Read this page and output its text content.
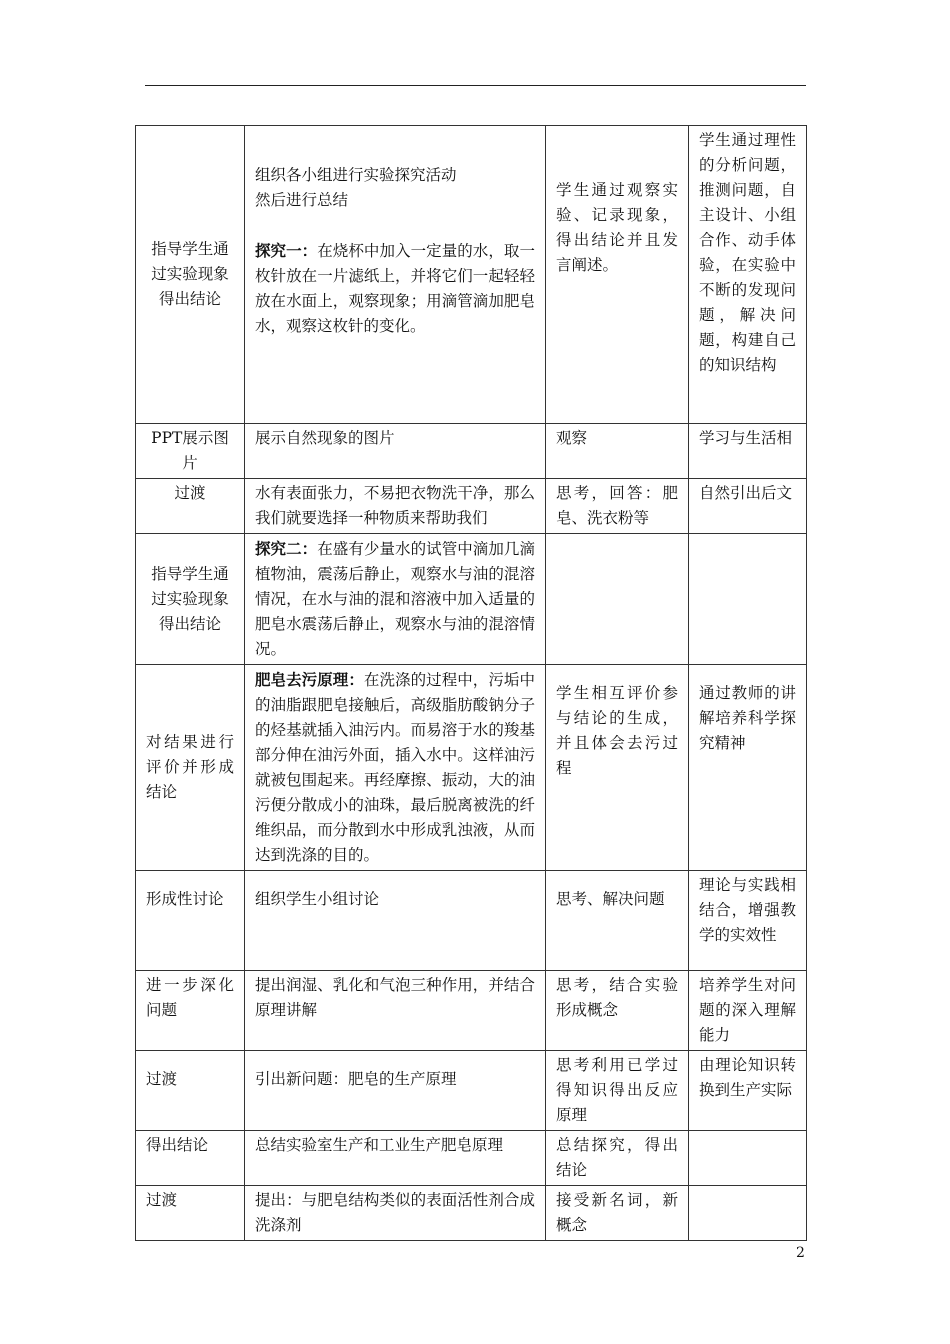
指导学生通过实验现象得出结论	组织各小组进行实验探究活动
然后进行总结
探究一：在烧杯中加入一定量的水，取一枚针放在一片滤纸上，并将它们一起轻轻放在水面上，观察现象；用滴管滴加肥皂水，观察这枚针的变化。	学生通过观察实验、记录现象，得出结论并且发言阐述。	学生通过理性的分析问题，推测问题，自主设计、小组合作、动手体验，在实验中不断的发现问题，解决问题，构建自己的知识结构
PPT展示图片	展示自然现象的图片	观察	学习与生活相
过渡	水有表面张力，不易把衣物洗干净，那么我们就要选择一种物质来帮助我们	思考，回答：肥皂、洗衣粉等	自然引出后文
指导学生通过实验现象得出结论	探究二：在盛有少量水的试管中滴加几滴植物油，震荡后静止，观察水与油的混溶情况，在水与油的混和溶液中加入适量的肥皂水震荡后静止，观察水与油的混溶情况。		
对结果进行评价并形成结论	肥皂去污原理：在洗涤的过程中，污垢中的油脂跟肥皂接触后，高级脂肪酸钠分子的烃基就插入油污内。而易溶于水的羧基部分伸在油污外面，插入水中。这样油污就被包围起来。再经摩擦、振动，大的油污便分散成小的油珠，最后脱离被洗的纤维织品，而分散到水中形成乳浊液，从而达到洗涤的目的。	学生相互评价参与结论的生成，并且体会去污过程	通过教师的讲解培养科学探究精神
形成性讨论	组织学生小组讨论	思考、解决问题	理论与实践相结合，增强教学的实效性
进一步深化问题	提出润湿、乳化和气泡三种作用，并结合原理讲解	思考，结合实验形成概念	培养学生对问题的深入理解能力
过渡	引出新问题：肥皂的生产原理	思考利用已学过得知识得出反应原理	由理论知识转换到生产实际
得出结论	总结实验室生产和工业生产肥皂原理	总结探究，得出结论	
过渡	提出：与肥皂结构类似的表面活性剂合成洗涤剂	接受新名词，新概念	
2
